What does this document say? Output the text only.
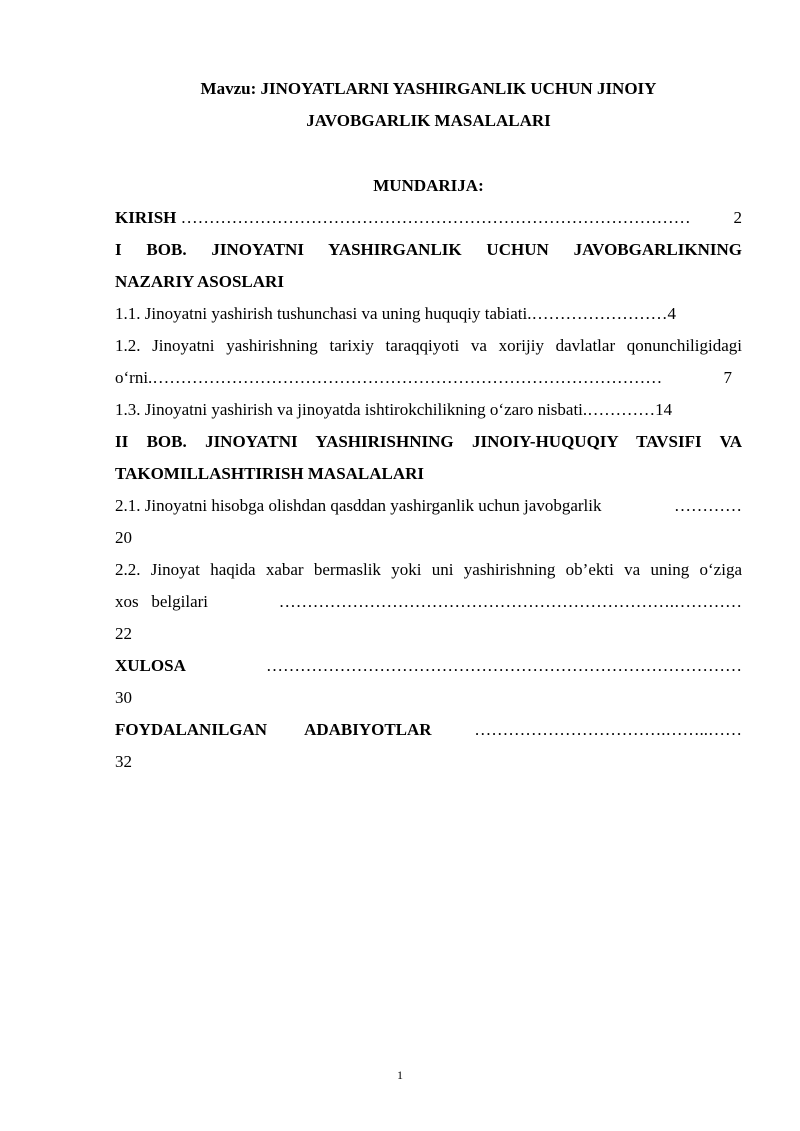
Mavzu: JINOYATLARNI YASHIRGANLIK UCHUN JINOIY
JAVOBGARLIK MASALALARI
MUNDARIJA:
KIRISH ………………………………………………………………………………	2
I BOB. JINOYATNI YASHIRGANLIK UCHUN JAVOBGARLIKNING
NAZARIY ASOSLARI
1.1. Jinoyatni yashirish tushunchasi va uning huquqiy tabiati. …………………… 4
1.2. Jinoyatni yashirishning tarixiy taraqqiyoti va xorijiy davlatlar qonunchiligidagi
o‘rni. ………………………………………………………………………………	7
1.3. Jinoyatni yashirish va jinoyatda ishtirokchilikning o‘zaro nisbati. ………… 14
II BOB. JINOYATNI YASHIRISHNING JINOIY-HUQUQIY TAVSIFI VA
TAKOMILLASHTIRISH MASALALARI
2.1. Jinoyatni hisobga olishdan qasddan yashirganlik uchun javobgarlik	…………
20
2.2. Jinoyat haqida xabar bermaslik yoki uni yashirishning ob’ekti va uning o‘ziga
xos   belgilari	…………………………………………………………….…………
22
XULOSA	…………………………………………………………………………
30
FOYDALANILGAN ADABIYOTLAR	…………………………….……..……
32
1
